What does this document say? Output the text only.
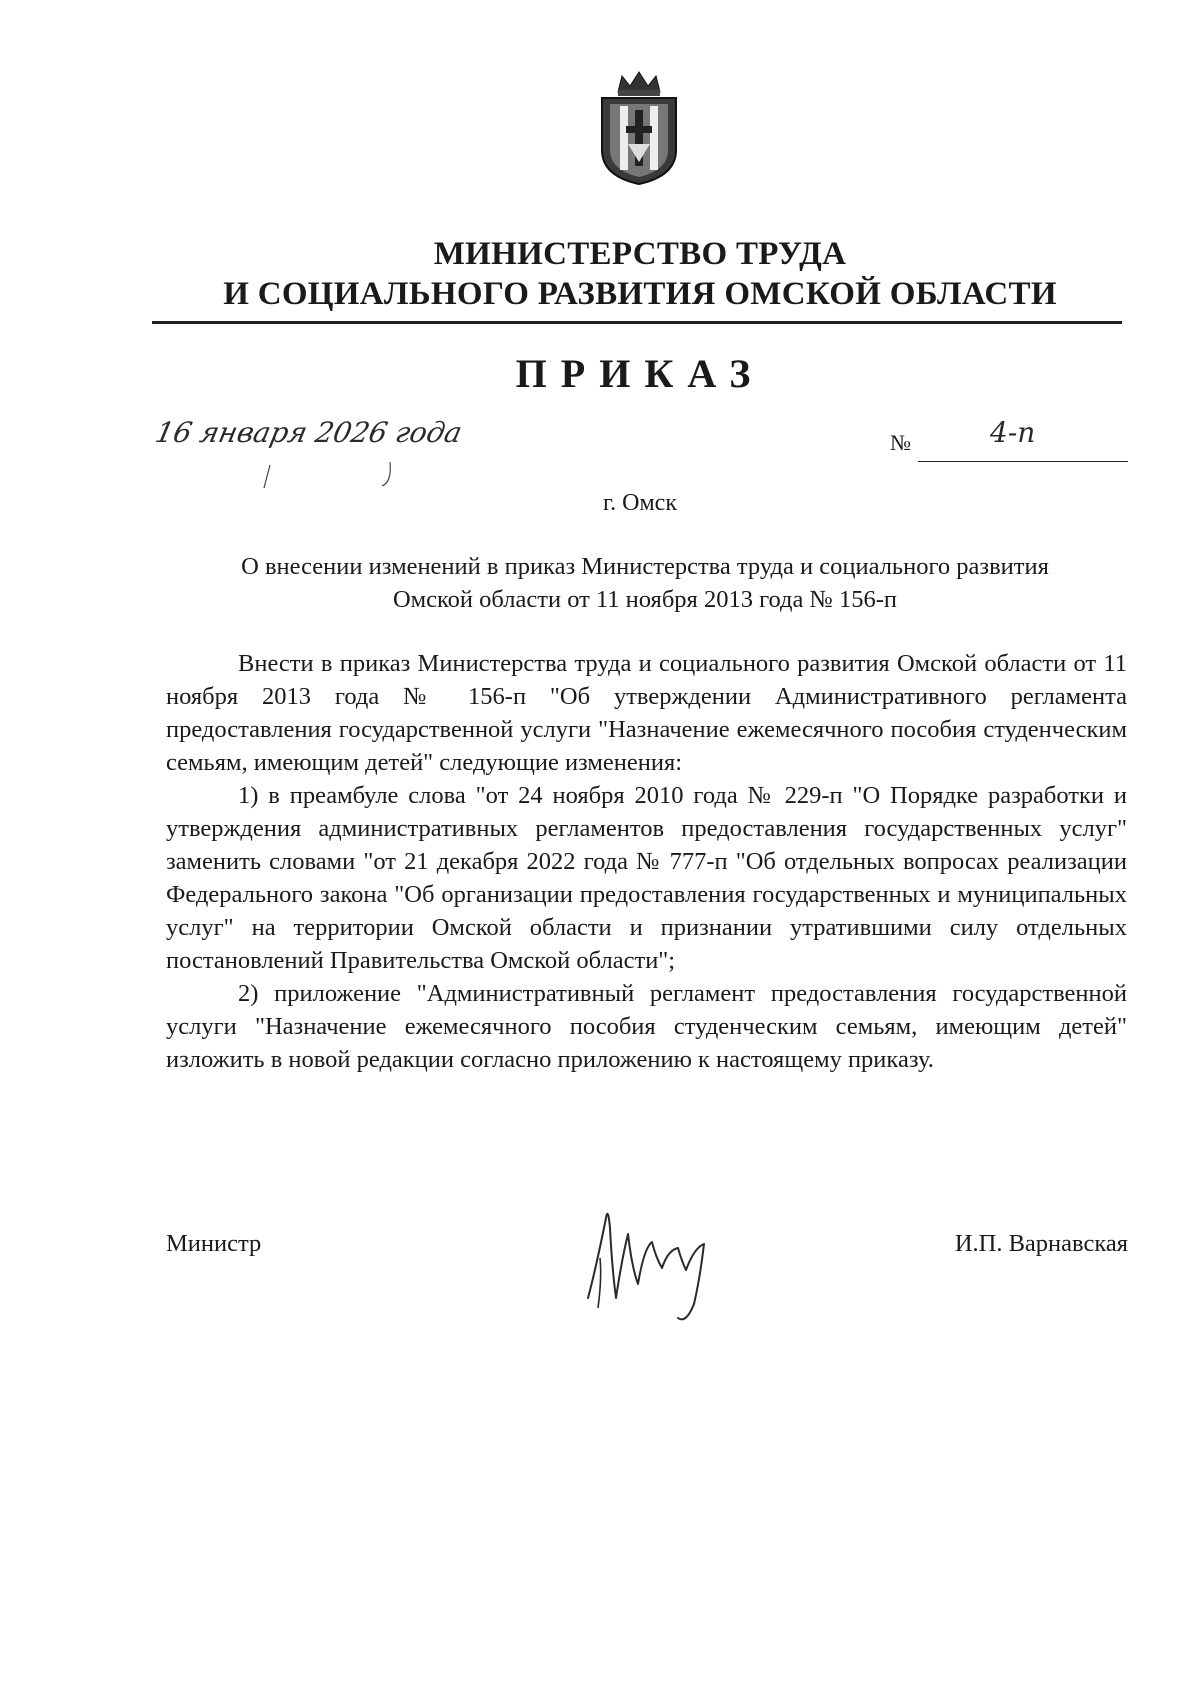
МИНИСТЕРСТВО ТРУДА
И СОЦИАЛЬНОГО РАЗВИТИЯ ОМСКОЙ ОБЛАСТИ
ПРИКАЗ
16 января 2026 года	№	4-п
г. Омск
О внесении изменений в приказ Министерства труда и социального развития
Омской области от 11 ноября 2013 года № 156-п

Внести в приказ Министерства труда и социального развития Омской области от 11 ноября 2013 года № 156-п "Об утверждении Административного регламента предоставления государственной услуги "Назначение ежемесячного пособия студенческим семьям, имеющим детей" следующие изменения:

1) в преамбуле слова "от 24 ноября 2010 года № 229-п "О Порядке разработки и утверждения административных регламентов предоставления государственных услуг" заменить словами "от 21 декабря 2022 года № 777-п "Об отдельных вопросах реализации Федерального закона "Об организации предоставления государственных и муниципальных услуг" на территории Омской области и признании утратившими силу отдельных постановлений Правительства Омской области";

2) приложение "Административный регламент предоставления государственной услуги "Назначение ежемесячного пособия студенческим семьям, имеющим детей" изложить в новой редакции согласно приложению к настоящему приказу.

Министр	И.П. Варнавская
